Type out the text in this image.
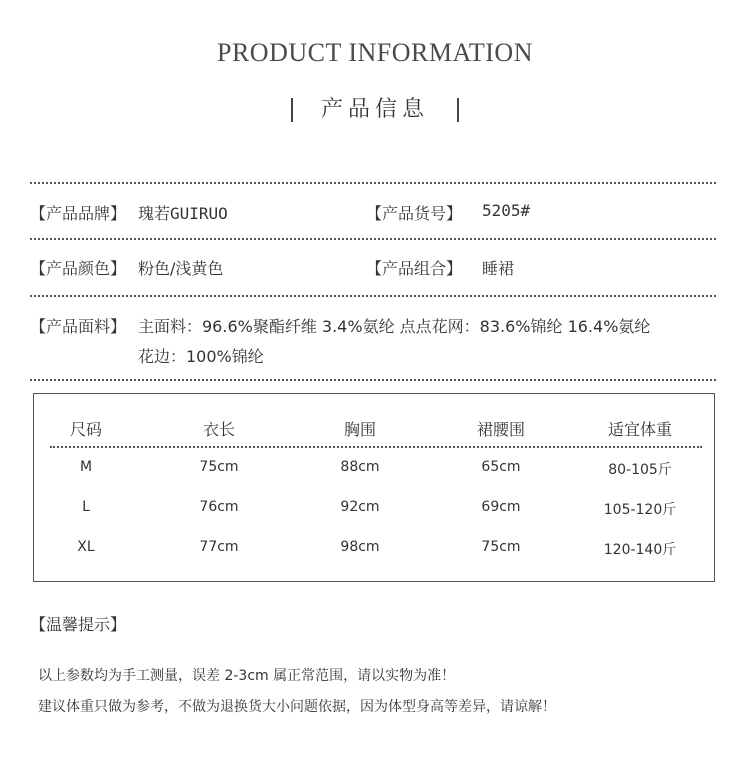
PRODUCT INFORMATION
产品信息
【产品品牌】 瑰若GUIRUO	【产品货号】 5205#
【产品颜色】 粉色/浅黄色	【产品组合】 睡裙
【产品面料】 主面料：96.6%聚酯纤维 3.4%氨纶 点点花网：83.6%锦纶 16.4%氨纶
花边：100%锦纶
尺码	衣长	胸围	裙腰围	适宜体重
M	75cm	88cm	65cm	80-105斤
L	76cm	92cm	69cm	105-120斤
XL	77cm	98cm	75cm	120-140斤
【温馨提示】
以上参数均为手工测量，误差 2-3cm 属正常范围，请以实物为准！
建议体重只做为参考，不做为退换货大小问题依据，因为体型身高等差异，请谅解！
